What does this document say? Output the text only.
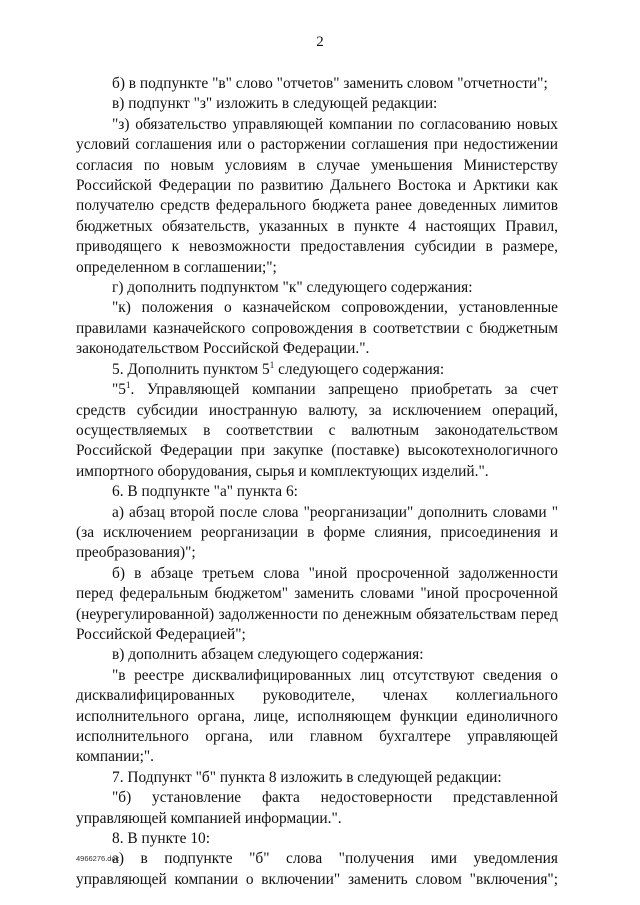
2

б) в подпункте "в" слово "отчетов" заменить словом "отчетности";

в) подпункт "з" изложить в следующей редакции:

"з) обязательство управляющей компании по согласованию новых условий соглашения или о расторжении соглашения при недостижении согласия по новым условиям в случае уменьшения Министерству Российской Федерации по развитию Дальнего Востока и Арктики как получателю средств федерального бюджета ранее доведенных лимитов бюджетных обязательств, указанных в пункте 4 настоящих Правил, приводящего к невозможности предоставления субсидии в размере, определенном в соглашении;";

г) дополнить подпунктом "к" следующего содержания:

"к) положения о казначейском сопровождении, установленные правилами казначейского сопровождения в соответствии с бюджетным законодательством Российской Федерации.".

5. Дополнить пунктом $5^1$ следующего содержания:

"$5^1$. Управляющей компании запрещено приобретать за счет средств субсидии иностранную валюту, за исключением операций, осуществляемых в соответствии с валютным законодательством Российской Федерации при закупке (поставке) высокотехнологичного импортного оборудования, сырья и комплектующих изделий.".

6. В подпункте "а" пункта 6:

а) абзац второй после слова "реорганизации" дополнить словами "(за исключением реорганизации в форме слияния, присоединения и преобразования)";

б) в абзаце третьем слова "иной просроченной задолженности перед федеральным бюджетом" заменить словами "иной просроченной (неурегулированной) задолженности по денежным обязательствам перед Российской Федерацией";

в) дополнить абзацем следующего содержания:

"в реестре дисквалифицированных лиц отсутствуют сведения о дисквалифицированных руководителе, членах коллегиального исполнительного органа, лице, исполняющем функции единоличного исполнительного органа, или главном бухгалтере управляющей компании;".

7. Подпункт "б" пункта 8 изложить в следующей редакции:

"б) установление факта недостоверности представленной управляющей компанией информации.".

8. В пункте 10:

а) в подпункте "б" слова "получения ими уведомления управляющей компании о включении" заменить словом "включения";

4966276.doc
